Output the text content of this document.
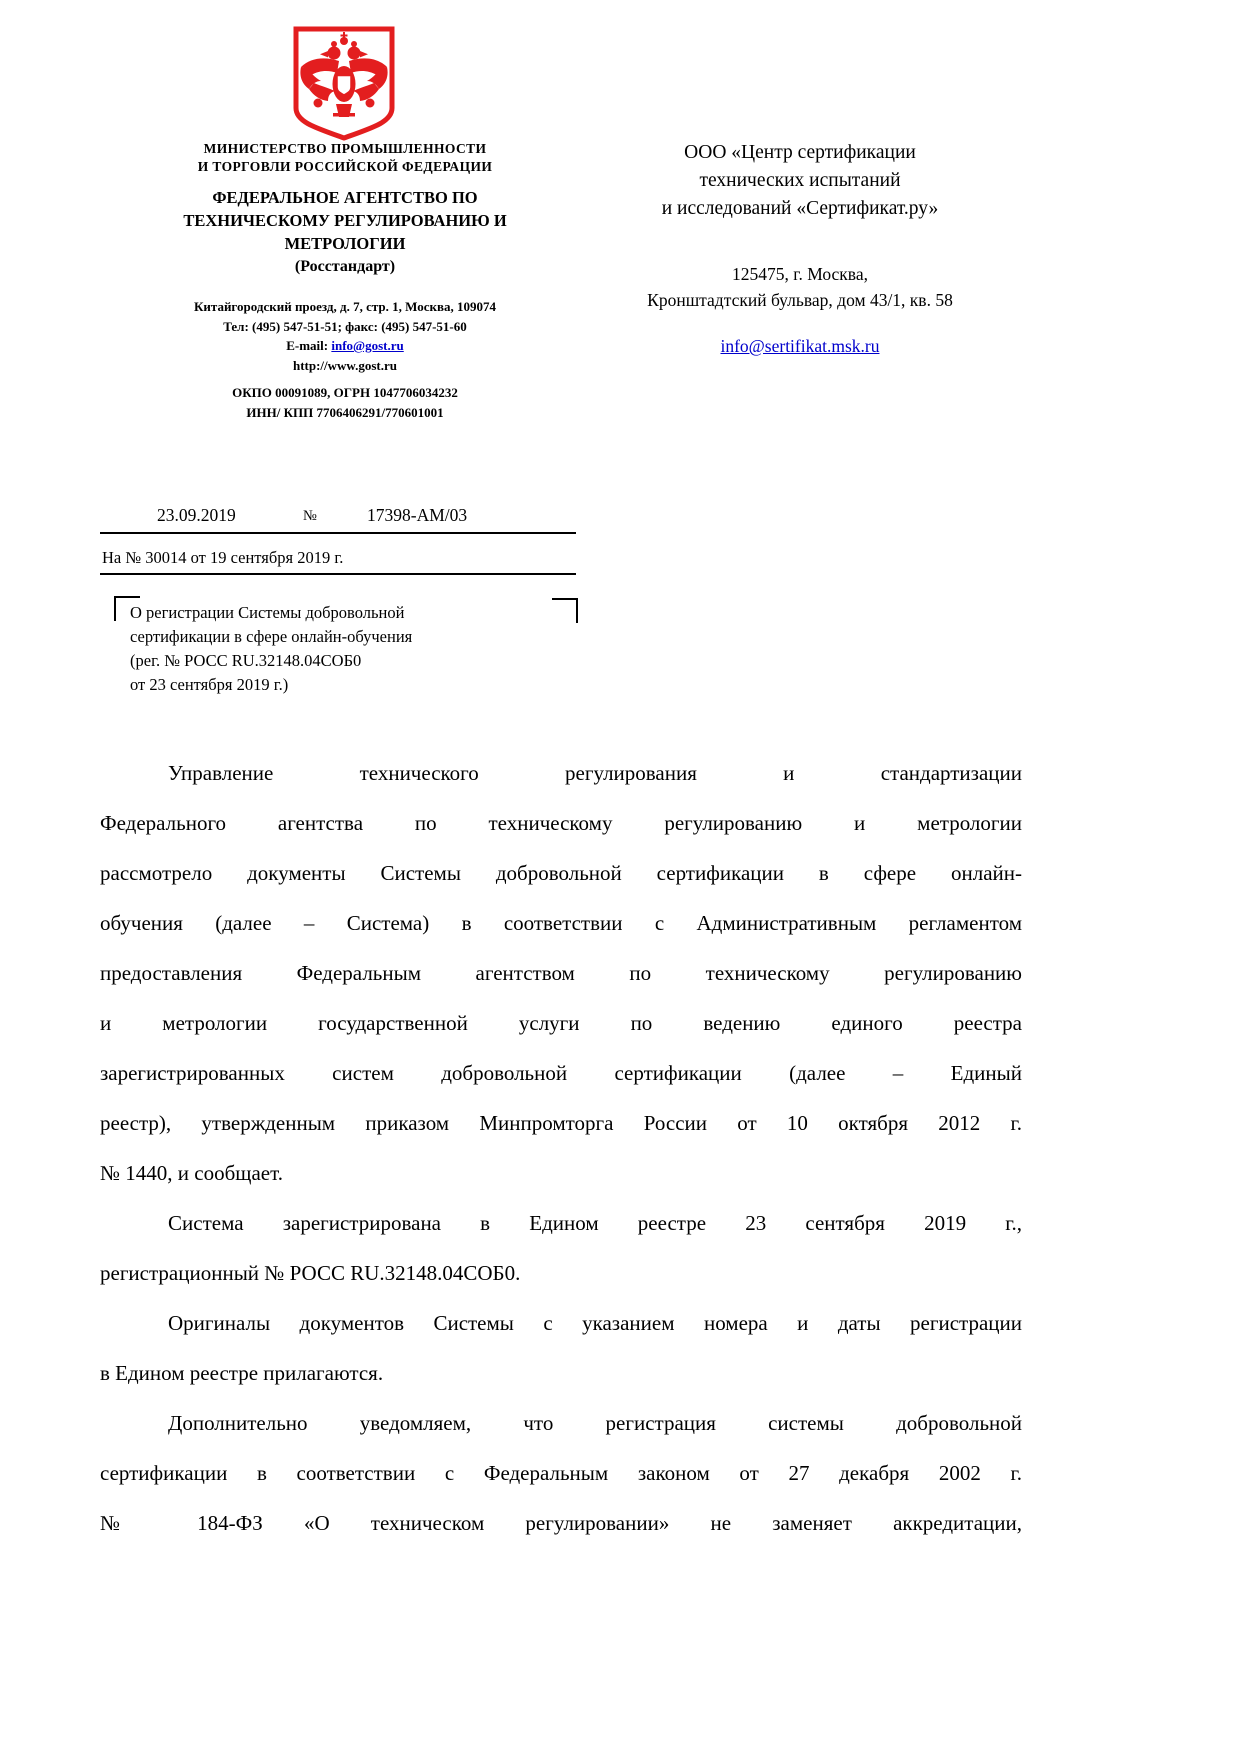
МИНИСТЕРСТВО ПРОМЫШЛЕННОСТИ
И ТОРГОВЛИ РОССИЙСКОЙ ФЕДЕРАЦИИ
ФЕДЕРАЛЬНОЕ АГЕНТСТВО ПО
ТЕХНИЧЕСКОМУ РЕГУЛИРОВАНИЮ И
МЕТРОЛОГИИ
(Росстандарт)
Китайгородский проезд, д. 7, стр. 1, Москва, 109074
Тел: (495) 547-51-51; факс: (495) 547-51-60
E-mail: info@gost.ru
http://www.gost.ru
ОКПО 00091089, ОГРН 1047706034232
ИНН/ КПП 7706406291/770601001
ООО «Центр сертификации
технических испытаний
и исследований «Сертификат.ру»
125475, г. Москва,
Кронштадтский бульвар, дом 43/1, кв. 58
info@sertifikat.msk.ru
23.09.2019	№	17398-АМ/03
На № 30014 от 19 сентября 2019 г.
О регистрации Системы добровольной
сертификации в сфере онлайн-обучения
(рег. № РОСС RU.32148.04СОБ0
от 23 сентября 2019 г.)
Управление технического регулирования и стандартизации
Федерального агентства по техническому регулированию и метрологии
рассмотрело документы Системы добровольной сертификации в сфере онлайн-
обучения (далее – Система) в соответствии с Административным регламентом
предоставления Федеральным агентством по техническому регулированию
и метрологии государственной услуги по ведению единого реестра
зарегистрированных систем добровольной сертификации (далее – Единый
реестр), утвержденным приказом Минпромторга России от 10 октября 2012 г.
№ 1440, и сообщает.
Система зарегистрирована в Едином реестре 23 сентября 2019 г.,
регистрационный № РОСС RU.32148.04СОБ0.
Оригиналы документов Системы с указанием номера и даты регистрации
в Едином реестре прилагаются.
Дополнительно уведомляем, что регистрация системы добровольной
сертификации в соответствии с Федеральным законом от 27 декабря 2002 г.
№ 184-ФЗ «О техническом регулировании» не заменяет аккредитации,
